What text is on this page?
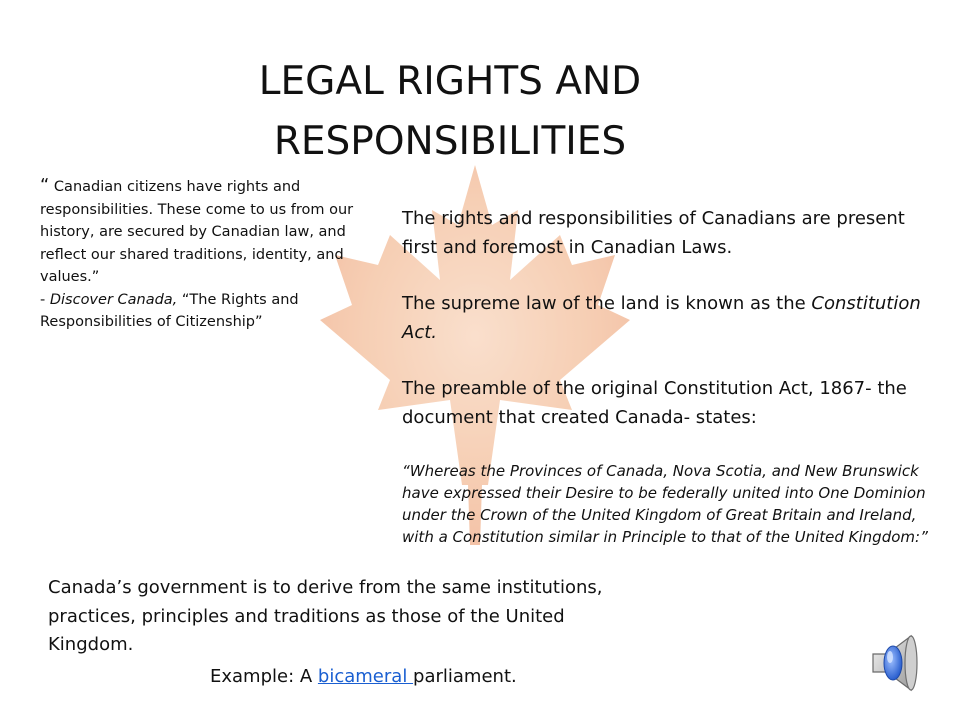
LEGAL RIGHTS AND
RESPONSIBILITIES
“ Canadian citizens have rights and responsibilities. These come to us from our history, are secured by Canadian law, and reflect our shared traditions, identity, and values.”
- Discover Canada, “The Rights and Responsibilities of Citizenship”

The rights and responsibilities of Canadians are present first and foremost in Canadian Laws.

The supreme law of the land is known as the Constitution Act.

The preamble of the original Constitution Act, 1867- the document that created Canada- states:

“Whereas the Provinces of Canada, Nova Scotia, and New Brunswick have expressed their Desire to be federally united into One Dominion under the Crown of the United Kingdom of Great Britain and Ireland, with a Constitution similar in Principle to that of the United Kingdom:”

Canada’s government is to derive from the same institutions, practices, principles and traditions as those of the United Kingdom.
Example: A bicameral parliament.
